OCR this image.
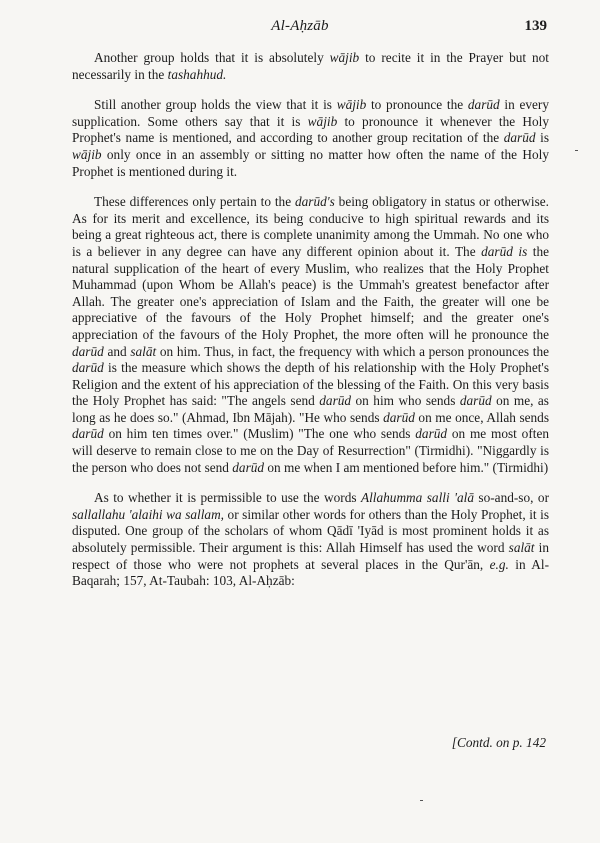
Al-Aḥzāb	139

Another group holds that it is absolutely wājib to recite it in the Prayer but not necessarily in the tashahhud.

Still another group holds the view that it is wājib to pronounce the darūd in every supplication. Some others say that it is wājib to pronounce it whenever the Holy Prophet's name is mentioned, and according to another group recitation of the darūd is wājib only once in an assembly or sitting no matter how often the name of the Holy Prophet is mentioned during it.

These differences only pertain to the darūd's being obligatory in status or otherwise. As for its merit and excellence, its being conducive to high spiritual rewards and its being a great righteous act, there is complete unanimity among the Ummah. No one who is a believer in any degree can have any different opinion about it. The darūd is the natural supplication of the heart of every Muslim, who realizes that the Holy Prophet Muhammad (upon Whom be Allah's peace) is the Ummah's greatest benefactor after Allah. The greater one's appreciation of Islam and the Faith, the greater will one be appreciative of the favours of the Holy Prophet himself; and the greater one's appreciation of the favours of the Holy Prophet, the more often will he pronounce the darūd and salāt on him. Thus, in fact, the frequency with which a person pronounces the darūd is the measure which shows the depth of his relationship with the Holy Prophet's Religion and the extent of his appreciation of the blessing of the Faith. On this very basis the Holy Prophet has said: "The angels send darūd on him who sends darūd on me, as long as he does so." (Ahmad, Ibn Mājah). "He who sends darūd on me once, Allah sends darūd on him ten times over." (Muslim) "The one who sends darūd on me most often will deserve to remain close to me on the Day of Resurrection" (Tirmidhi). "Niggardly is the person who does not send darūd on me when I am mentioned before him." (Tirmidhi)

As to whether it is permissible to use the words Allahumma salli 'alā so-and-so, or sallallahu 'alaihi wa sallam, or similar other words for others than the Holy Prophet, it is disputed. One group of the scholars of whom Qādī 'Iyād is most prominent holds it as absolutely permissible. Their argument is this: Allah Himself has used the word salāt in respect of those who were not prophets at several places in the Qur'ān, e.g. in Al-Baqarah; 157, At-Taubah: 103, Al-Aḥzāb:

[Contd. on p. 142
